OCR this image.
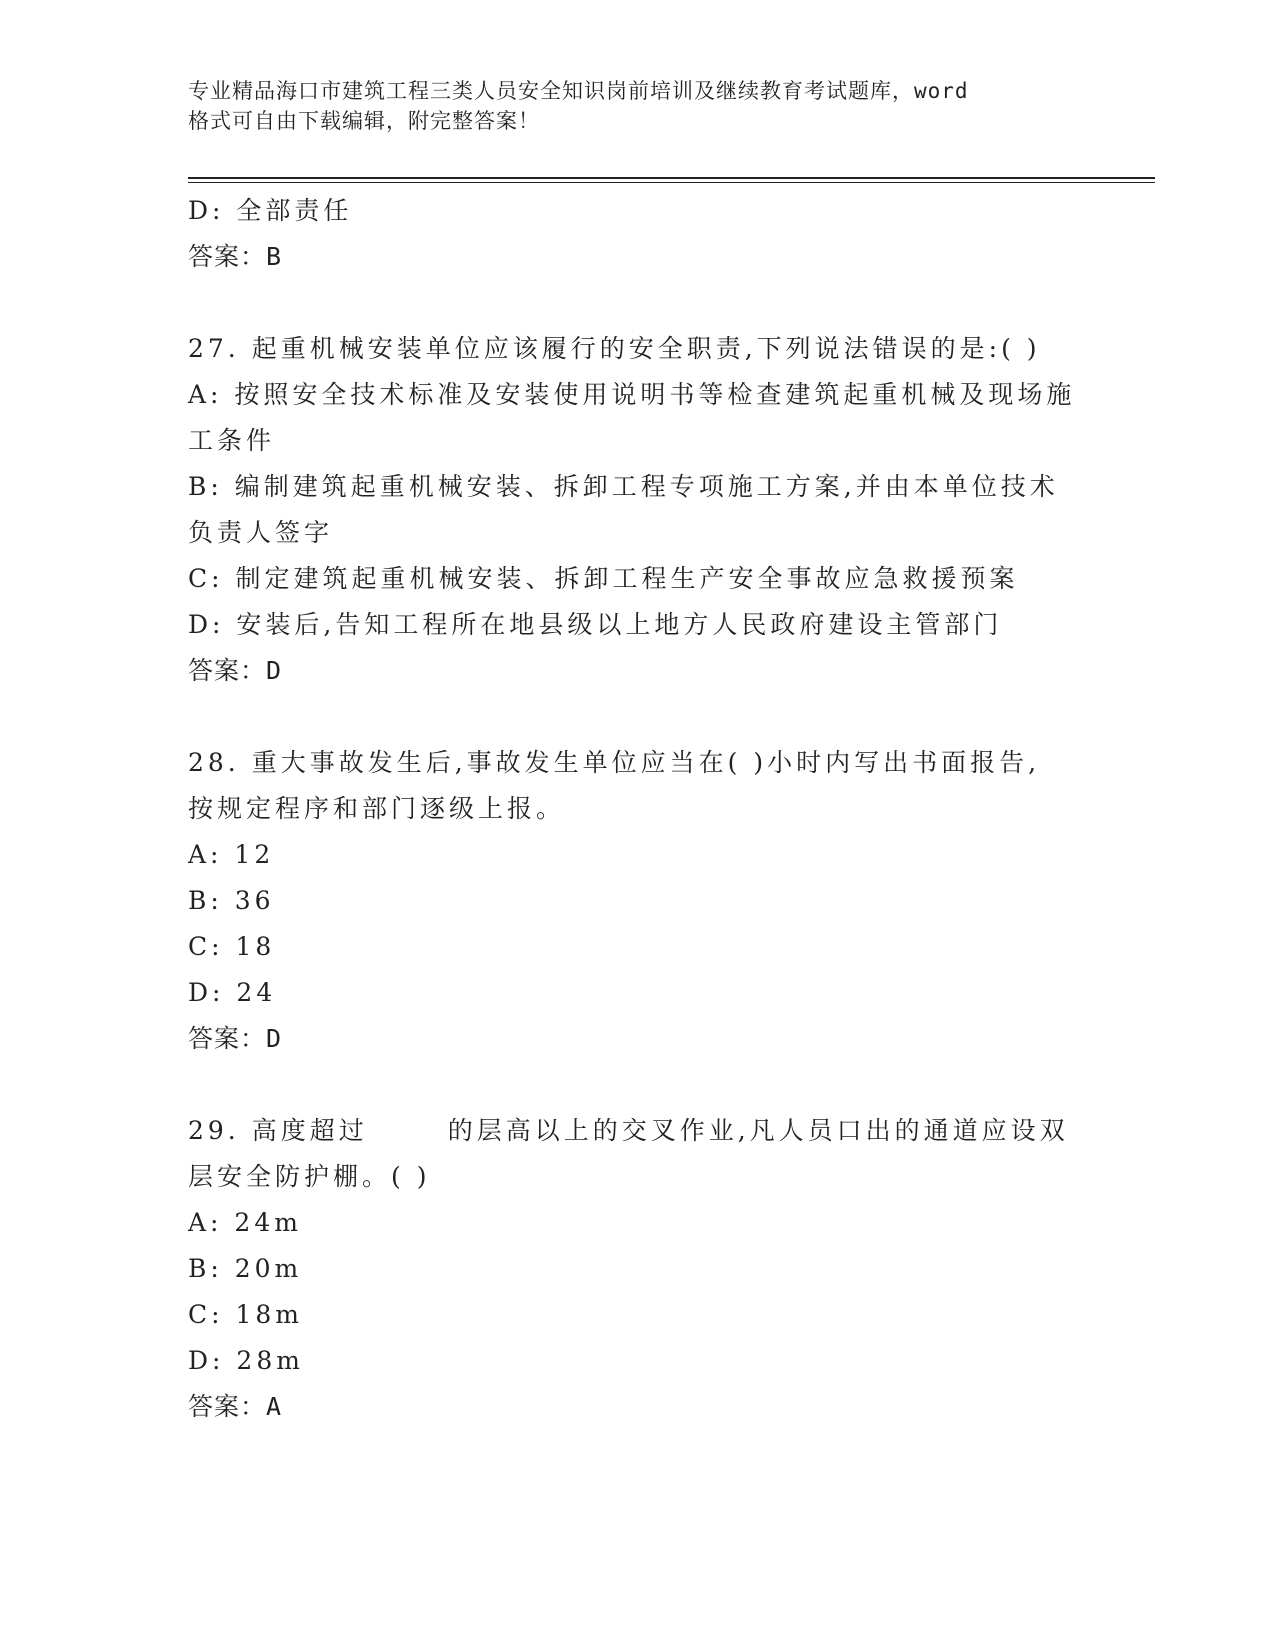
专业精品海口市建筑工程三类人员安全知识岗前培训及继续教育考试题库，word
格式可自由下载编辑，附完整答案！
D: 全部责任
答案：B
27. 起重机械安装单位应该履行的安全职责,下列说法错误的是:( )
A: 按照安全技术标准及安装使用说明书等检查建筑起重机械及现场施
工条件
B: 编制建筑起重机械安装、拆卸工程专项施工方案,并由本单位技术
负责人签字
C: 制定建筑起重机械安装、拆卸工程生产安全事故应急救援预案
D: 安装后,告知工程所在地县级以上地方人民政府建设主管部门
答案：D
28. 重大事故发生后,事故发生单位应当在( )小时内写出书面报告,
按规定程序和部门逐级上报。
A: 12
B: 36
C: 18
D: 24
答案：D
29. 高度超过	的层高以上的交叉作业,凡人员口出的通道应设双
层安全防护棚。( )
A: 24m
B: 20m
C: 18m
D: 28m
答案：A
